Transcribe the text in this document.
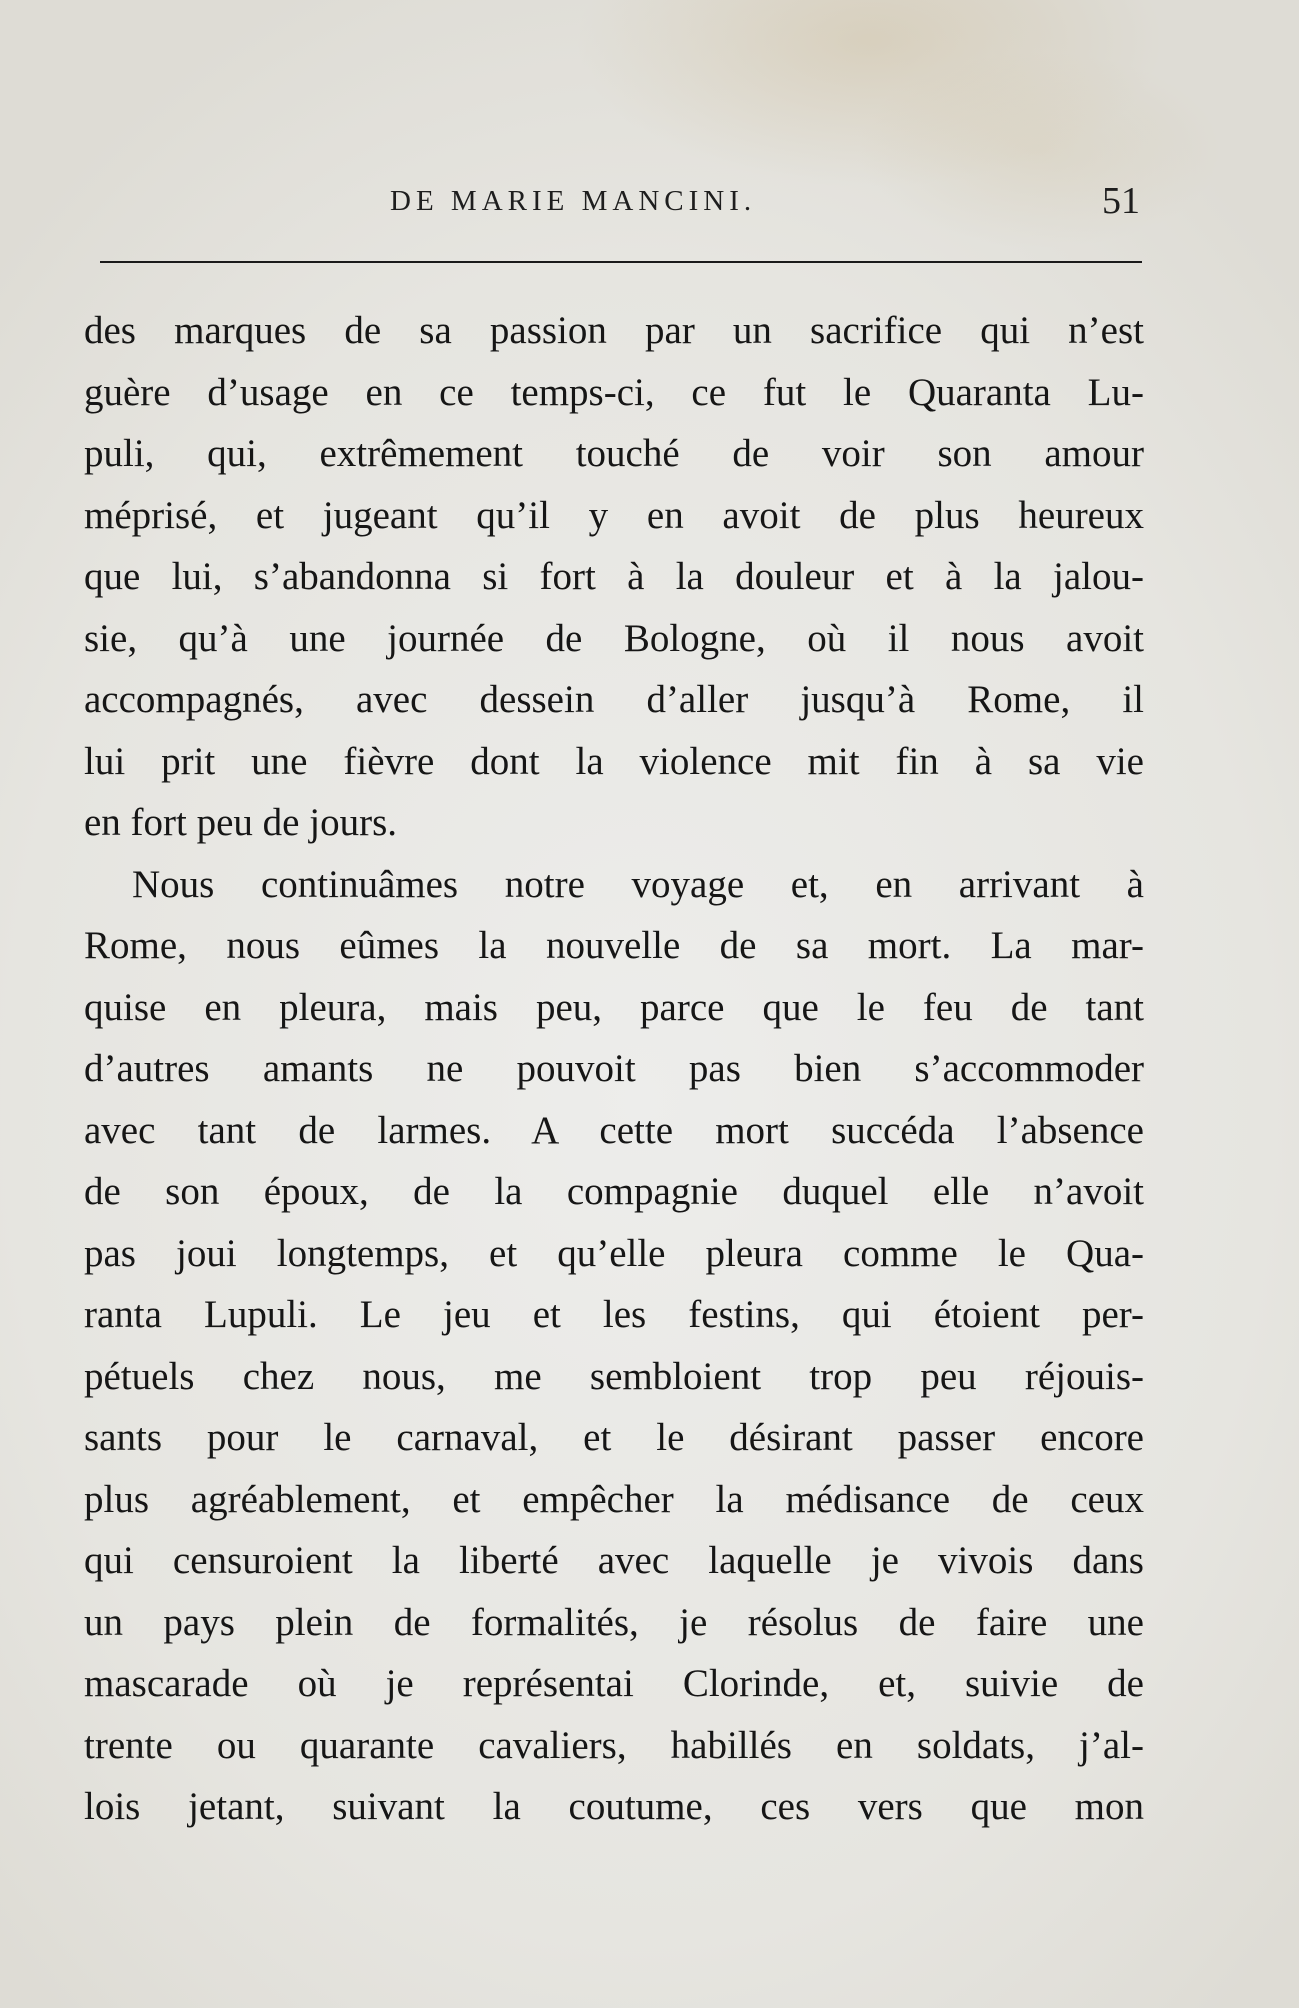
DE MARIE MANCINI.	51
des marques de sa passion par un sacrifice qui n’est
guère d’usage en ce temps-ci, ce fut le Quaranta Lu-
puli, qui, extrêmement touché de voir son amour
méprisé, et jugeant qu’il y en avoit de plus heureux
que lui, s’abandonna si fort à la douleur et à la jalou-
sie, qu’à une journée de Bologne, où il nous avoit
accompagnés, avec dessein d’aller jusqu’à Rome, il
lui prit une fièvre dont la violence mit fin à sa vie
en fort peu de jours.
Nous continuâmes notre voyage et, en arrivant à
Rome, nous eûmes la nouvelle de sa mort. La mar-
quise en pleura, mais peu, parce que le feu de tant
d’autres amants ne pouvoit pas bien s’accommoder
avec tant de larmes. A cette mort succéda l’absence
de son époux, de la compagnie duquel elle n’avoit
pas joui longtemps, et qu’elle pleura comme le Qua-
ranta Lupuli. Le jeu et les festins, qui étoient per-
pétuels chez nous, me sembloient trop peu réjouis-
sants pour le carnaval, et le désirant passer encore
plus agréablement, et empêcher la médisance de ceux
qui censuroient la liberté avec laquelle je vivois dans
un pays plein de formalités, je résolus de faire une
mascarade où je représentai Clorinde, et, suivie de
trente ou quarante cavaliers, habillés en soldats, j’al-
lois jetant, suivant la coutume, ces vers que mon
